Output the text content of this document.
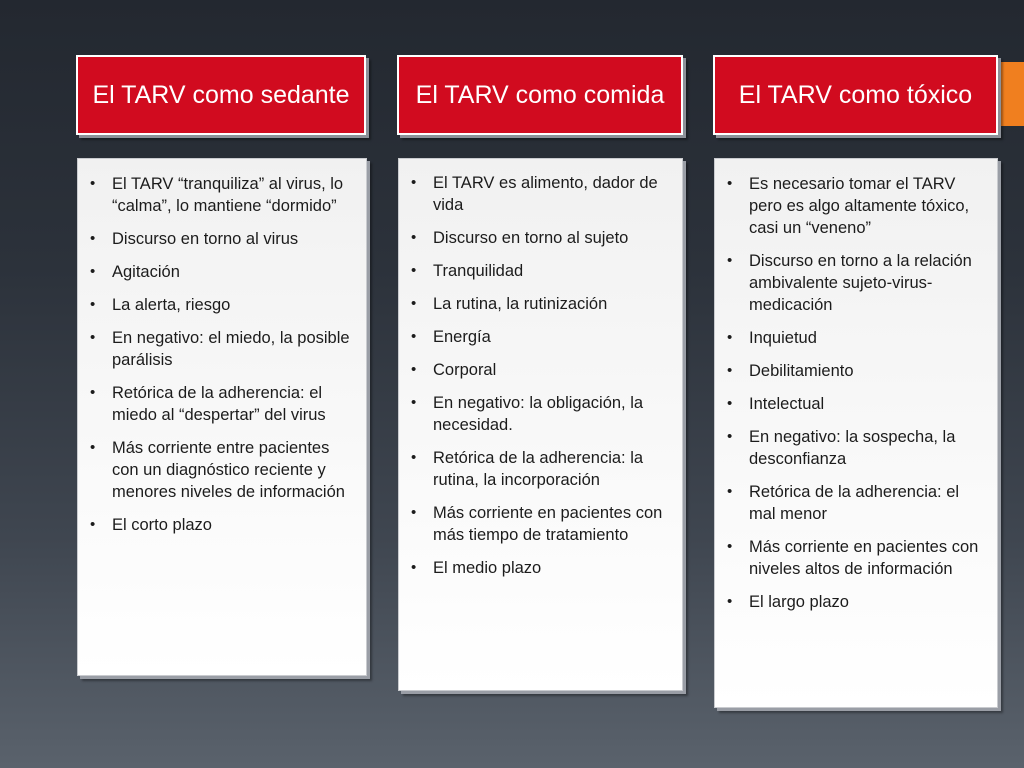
El TARV como sedante
• El TARV “tranquiliza” al virus, lo “calma”, lo mantiene “dormido”
• Discurso en torno al virus
• Agitación
• La alerta, riesgo
• En negativo: el miedo, la posible parálisis
• Retórica de la adherencia: el miedo al “despertar” del virus
• Más corriente entre pacientes con un diagnóstico reciente y menores niveles de información
• El corto plazo
El TARV como comida
• El TARV es alimento, dador de vida
• Discurso en torno al sujeto
• Tranquilidad
• La rutina, la rutinización
• Energía
• Corporal
• En negativo: la obligación, la necesidad.
• Retórica de la adherencia: la rutina, la incorporación
• Más corriente en pacientes con más tiempo de tratamiento
• El medio plazo
El TARV como tóxico
• Es necesario tomar el TARV pero es algo altamente tóxico, casi un “veneno”
• Discurso en torno a la relación ambivalente sujeto-virus-medicación
• Inquietud
• Debilitamiento
• Intelectual
• En negativo: la sospecha, la desconfianza
• Retórica de la adherencia: el mal menor
• Más corriente en pacientes con niveles altos de información
• El largo plazo
